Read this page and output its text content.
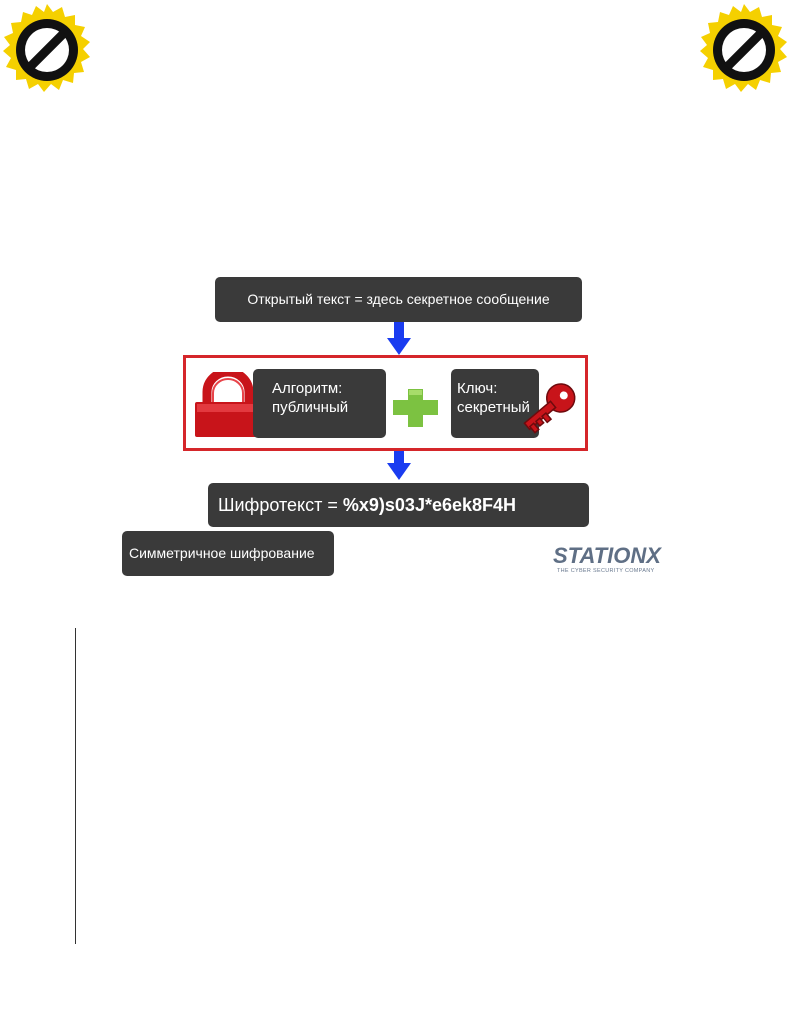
Открытый текст = здесь секретное сообщение
Алгоритм:
публичный
Ключ:
секретный
Шифротекст = %x9)s03J*e6ek8F4H
Симметричное шифрование	STATIONX
THE CYBER SECURITY COMPANY
